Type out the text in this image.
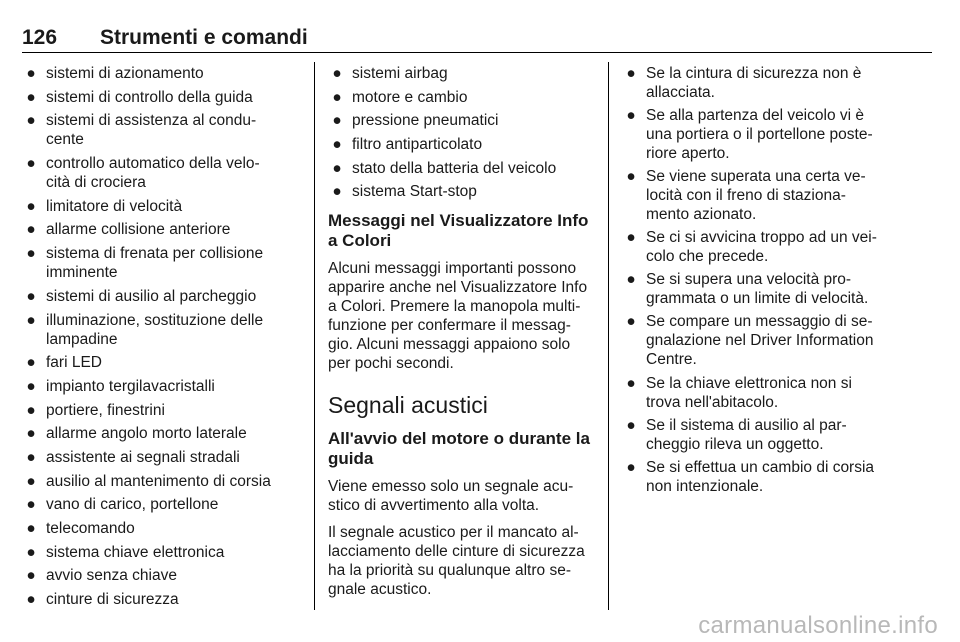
126 Strumenti e comandi
● sistemi di azionamento
● sistemi di controllo della guida
● sistemi di assistenza al condu-
cente
● controllo automatico della velo-
cità di crociera
● limitatore di velocità
● allarme collisione anteriore
● sistema di frenata per collisione
imminente
● sistemi di ausilio al parcheggio
● illuminazione, sostituzione delle
lampadine
● fari LED
● impianto tergilavacristalli
● portiere, finestrini
● allarme angolo morto laterale
● assistente ai segnali stradali
● ausilio al mantenimento di corsia
● vano di carico, portellone
● telecomando
● sistema chiave elettronica
● avvio senza chiave
● cinture di sicurezza
● sistemi airbag
● motore e cambio
● pressione pneumatici
● filtro antiparticolato
● stato della batteria del veicolo
● sistema Start-stop
Messaggi nel Visualizzatore Info
a Colori

Alcuni messaggi importanti possono
apparire anche nel Visualizzatore Info
a Colori. Premere la manopola multi-
funzione per confermare il messag-
gio. Alcuni messaggi appaiono solo
per pochi secondi.

Segnali acustici
All'avvio del motore o durante la
guida

Viene emesso solo un segnale acu-
stico di avvertimento alla volta.

Il segnale acustico per il mancato al-
lacciamento delle cinture di sicurezza
ha la priorità su qualunque altro se-
gnale acustico.

● Se la cintura di sicurezza non è
allacciata.
● Se alla partenza del veicolo vi è
una portiera o il portellone poste-
riore aperto.
● Se viene superata una certa ve-
locità con il freno di staziona-
mento azionato.
● Se ci si avvicina troppo ad un vei-
colo che precede.
● Se si supera una velocità pro-
grammata o un limite di velocità.
● Se compare un messaggio di se-
gnalazione nel Driver Information
Centre.
● Se la chiave elettronica non si
trova nell'abitacolo.
● Se il sistema di ausilio al par-
cheggio rileva un oggetto.
● Se si effettua un cambio di corsia
non intenzionale.
carmanualsonline.info
